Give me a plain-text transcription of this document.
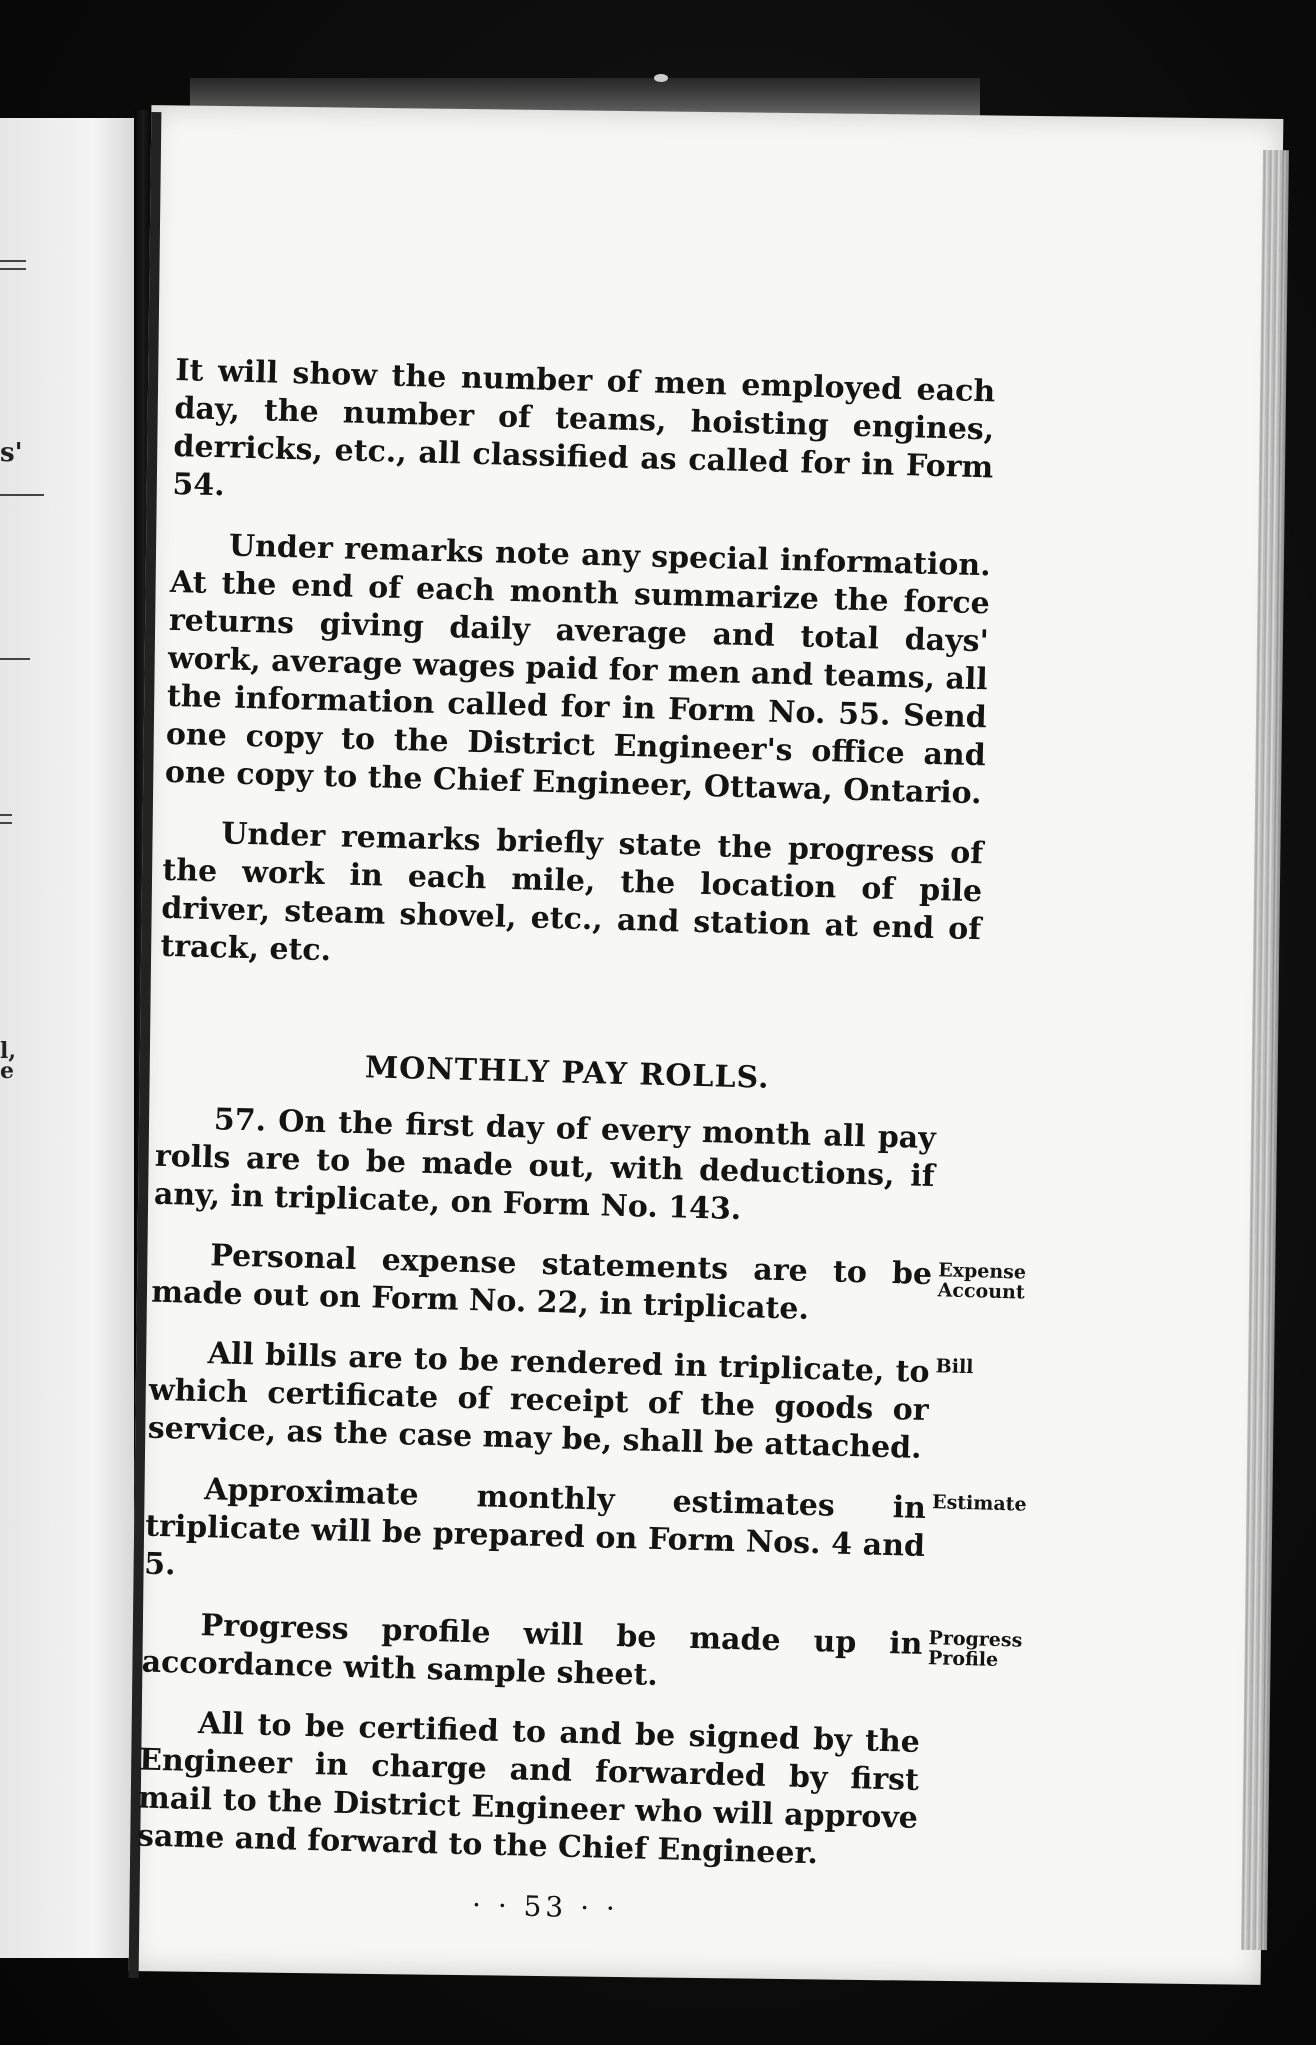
s'
l,
e

It will show the number of men employed each day, the number of teams, hoisting engines, derricks, etc., all classified as called for in Form 54.

Under remarks note any special information. At the end of each month summarize the force returns giving daily average and total days' work, average wages paid for men and teams, all the information called for in Form No. 55. Send one copy to the District Engineer's office and one copy to the Chief Engineer, Ottawa, Ontario.

Under remarks briefly state the progress of the work in each mile, the location of pile driver, steam shovel, etc., and station at end of track, etc.

MONTHLY PAY ROLLS.

57. On the first day of every month all pay rolls are to be made out, with deductions, if any, in triplicate, on Form No. 143.

Personal expense statements are to be made out on Form No. 22, in triplicate.

Expense Account

All bills are to be rendered in triplicate, to which certificate of receipt of the goods or service, as the case may be, shall be attached.

Bill

Approximate monthly estimates in triplicate will be prepared on Form Nos. 4 and 5.

Estimate

Progress profile will be made up in accordance with sample sheet.

Progress Profile

All to be certified to and be signed by the Engineer in charge and forwarded by first mail to the District Engineer who will approve same and forward to the Chief Engineer.

· · 53 · ·
